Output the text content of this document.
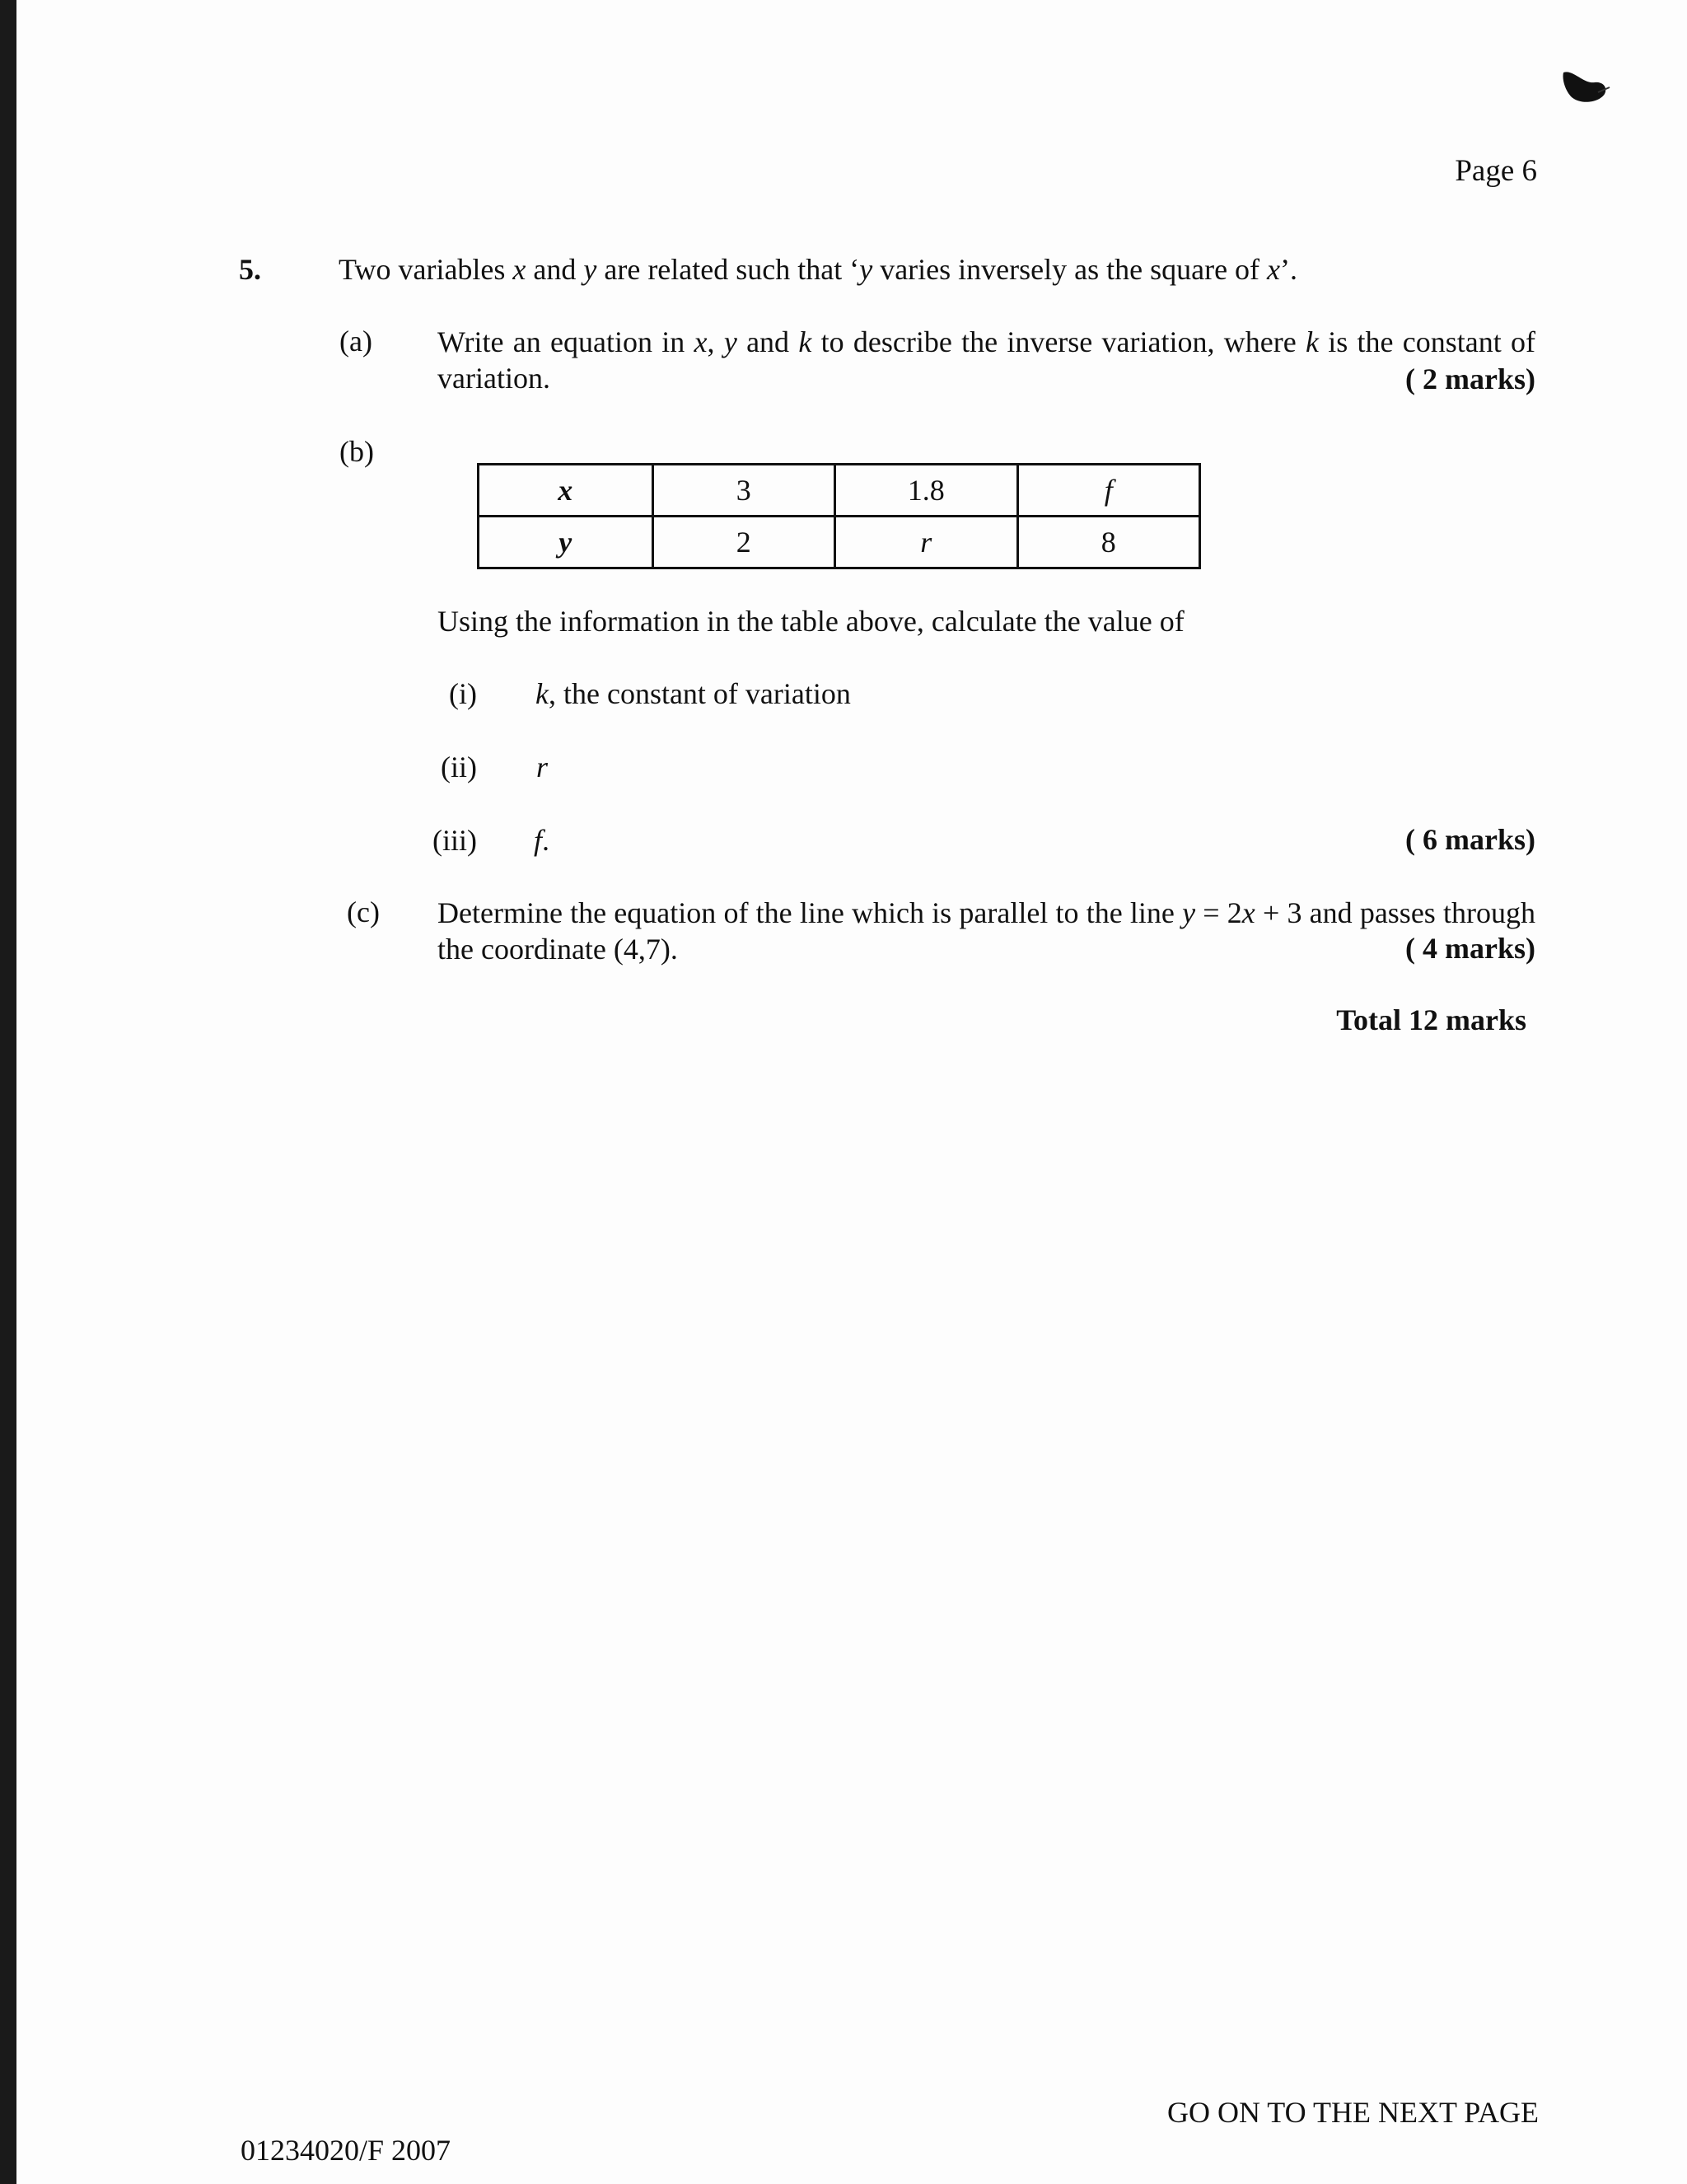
Page 6
5.	Two variables x and y are related such that ‘y varies inversely as the square of x’.
(a) Write an equation in x, y and k to describe the inverse variation, where k is the constant of variation.	( 2 marks)
(b)
x	3	1.8	f
y	2	r	8
Using the information in the table above, calculate the value of
(i) k, the constant of variation
(ii) r
(iii) f.	( 6 marks)
(c) Determine the equation of the line which is parallel to the line y = 2x + 3 and passes through the coordinate (4,7).	( 4 marks)
Total 12 marks
GO ON TO THE NEXT PAGE
01234020/F 2007
